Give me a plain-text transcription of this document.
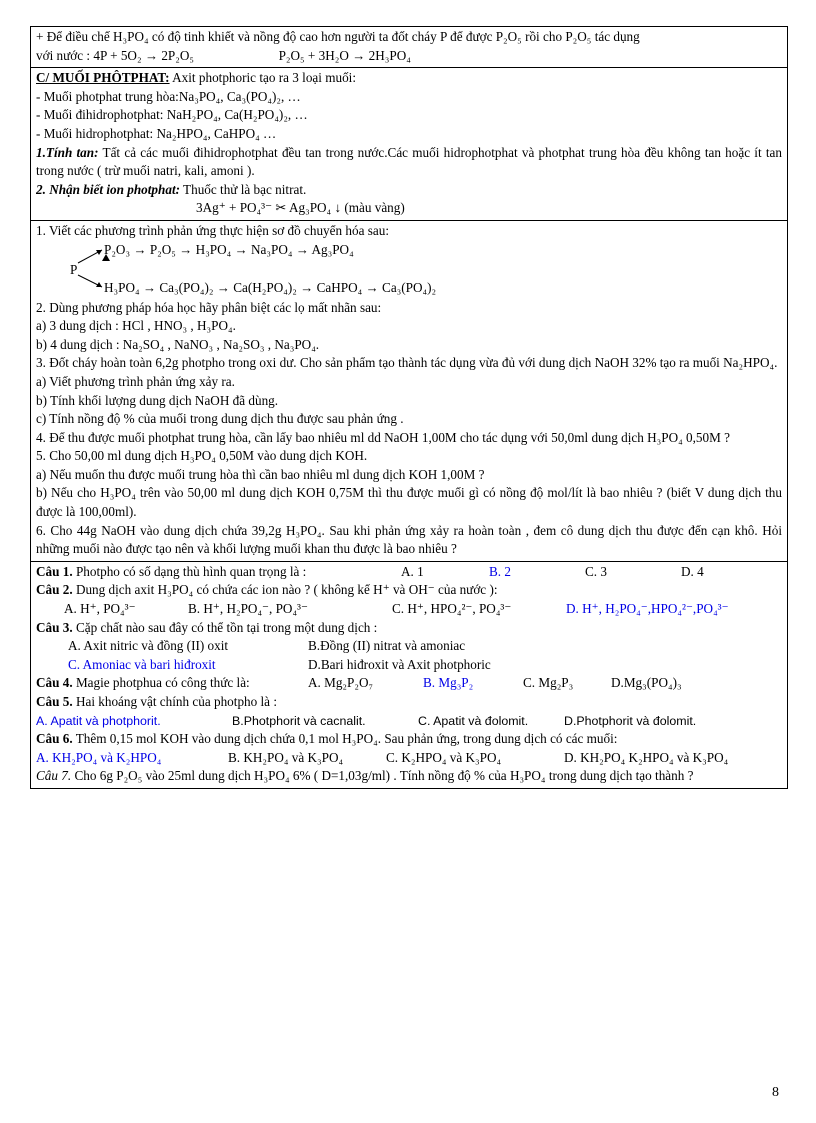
+ Để điều chế H₃PO₄ có độ tinh khiết và nồng độ cao hơn người ta đốt cháy P để được P₂O₅ rồi cho P₂O₅ tác dụng
với nước : 4P + 5O₂ → 2P₂O₅	P₂O₅ + 3H₂O → 2H₃PO₄
C/ MUỐI PHÔTPHAT: Axit photphoric tạo ra 3 loại muối:
- Muối photphat trung hòa:Na₃PO₄, Ca₃(PO₄)₂, …
- Muối đihidrophotphat: NaH₂PO₄, Ca(H₂PO₄)₂, …
- Muối hidrophotphat: Na₂HPO₄, CaHPO₄ …
1.Tính tan: Tất cả các muối đihidrophotphat đều tan trong nước.Các muối hidrophotphat và photphat trung hòa đều không tan hoặc ít tan trong nước ( trừ muối natri, kali, amoni ).
2. Nhận biết ion photphat: Thuốc thử là bạc nitrat.
3Ag⁺ + PO₄³⁻ ✂ Ag₃PO₄ ↓ (màu vàng)
1. Viết các phương trình phản ứng thực hiện sơ đồ chuyển hóa sau:
P
P₂O₃ → P₂O₅ → H₃PO₄ → Na₃PO₄ → Ag₃PO₄
H₃PO₄ → Ca₃(PO₄)₂ → Ca(H₂PO₄)₂ → CaHPO₄ → Ca₃(PO₄)₂
2. Dùng phương pháp hóa học hãy phân biệt các lọ mất nhãn sau:
a) 3 dung dịch : HCl , HNO₃ , H₃PO₄.
b) 4 dung dịch : Na₂SO₄ , NaNO₃ , Na₂SO₃ , Na₃PO₄.
3. Đốt cháy hoàn toàn 6,2g photpho trong oxi dư. Cho sản phẩm tạo thành tác dụng vừa đủ với dung dịch NaOH 32% tạo ra muối Na₂HPO₄.
a) Viết phương trình phản ứng xảy ra.
b) Tính khối lượng dung dịch NaOH đã dùng.
c) Tính nồng độ % của muối trong dung dịch thu được sau phản ứng .
4. Để thu được muối photphat trung hòa, cần lấy bao nhiêu ml dd NaOH 1,00M cho tác dụng với 50,0ml dung dịch H₃PO₄ 0,50M ?
5. Cho 50,00 ml dung dịch H₃PO₄ 0,50M vào dung dịch KOH.
a) Nếu muốn thu được muối trung hòa thì cần bao nhiêu ml dung dịch KOH 1,00M ?
b) Nếu cho H₃PO₄ trên vào 50,00 ml dung dịch KOH 0,75M thì thu được muối gì có nồng độ mol/lít là bao nhiêu ? (biết V dung dịch thu được là 100,00ml).
6. Cho 44g NaOH vào dung dịch chứa 39,2g H₃PO₄. Sau khi phản ứng xảy ra hoàn toàn , đem cô dung dịch thu được đến cạn khô. Hỏi những muối nào được tạo nên và khối lượng muối khan thu được là bao nhiêu ?
Câu 1. Photpho có số dạng thù hình quan trọng là :	A. 1	B. 2	C. 3	D. 4
Câu 2. Dung dịch axit H₃PO₄ có chứa các ion nào ? ( không kể H⁺ và OH⁻ của nước ):
A. H⁺, PO₄³⁻	B. H⁺, H₂PO₄⁻, PO₄³⁻	C. H⁺, HPO₄²⁻, PO₄³⁻	D. H⁺, H₂PO₄⁻,HPO₄²⁻,PO₄³⁻
Câu 3. Cặp chất nào sau đây có thể tồn tại trong một dung dịch :
A. Axit nitric và đồng (II) oxit	B.Đồng (II) nitrat và amoniac
C. Amoniac và bari hiđroxit	D.Bari hiđroxit và Axit photphoric
Câu 4. Magie photphua có công thức là:	A. Mg₂P₂O₇	B. Mg₃P₂	C. Mg₂P₃	D.Mg₃(PO₄)₃
Câu 5. Hai khoáng vật chính của photpho là :
A. Apatit và photphorit.	B.Photphorit và cacnalit.	C. Apatit và đolomit.	D.Photphorit và đolomit.
Câu 6. Thêm 0,15 mol KOH vào dung dịch chứa 0,1 mol H₃PO₄. Sau phản ứng, trong dung dịch có các muối:
A. KH₂PO₄ và K₂HPO₄	B. KH₂PO₄ và K₃PO₄	C. K₂HPO₄ và K₃PO₄	D. KH₂PO₄ K₂HPO₄ và K₃PO₄
Câu 7. Cho 6g P₂O₅ vào 25ml dung dịch H₃PO₄ 6% ( D=1,03g/ml) . Tính nồng độ % của H₃PO₄ trong dung dịch tạo thành ?
8
